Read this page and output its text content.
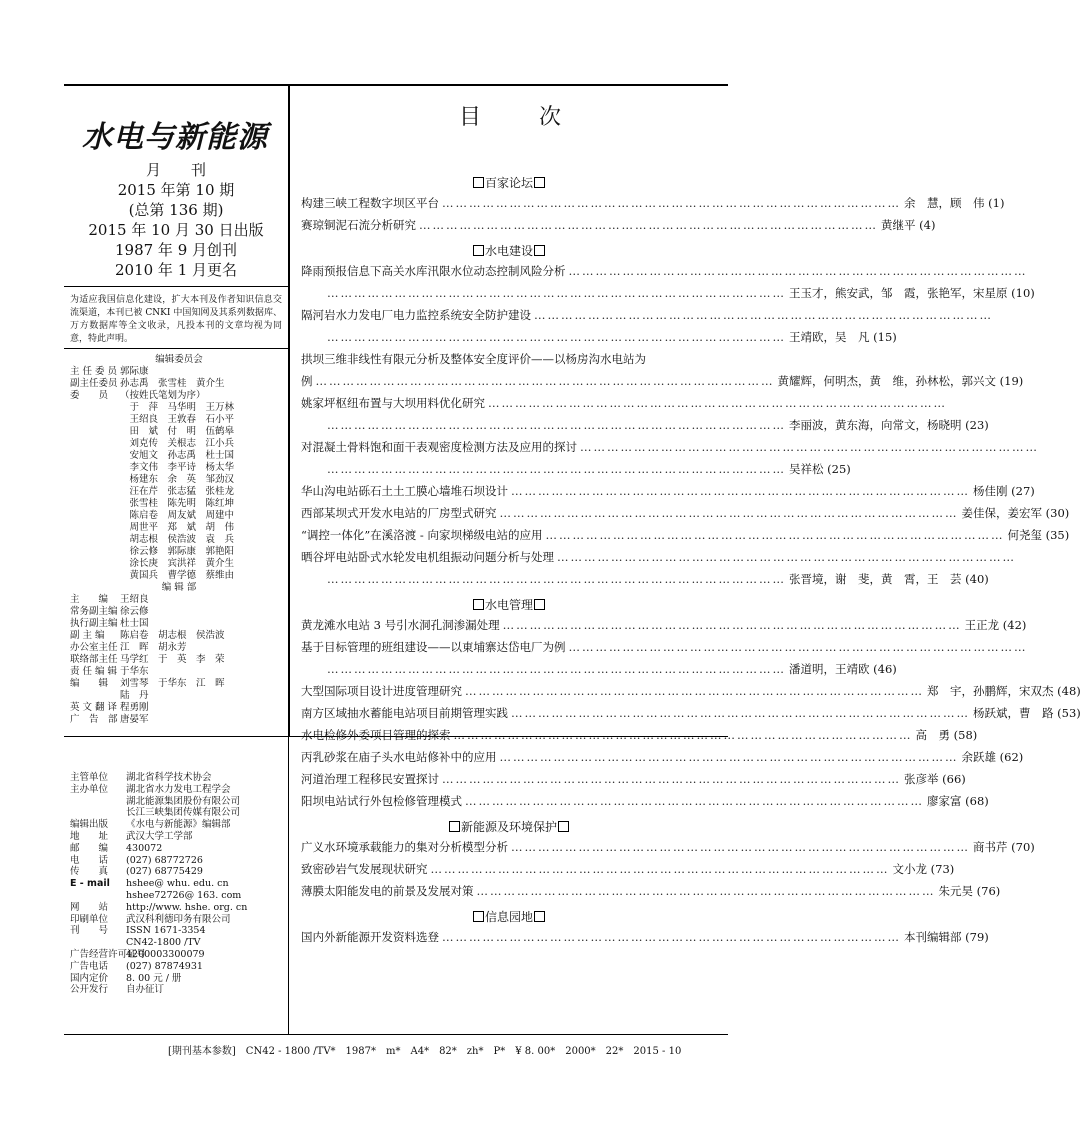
水电与新能源
月　　刊
2015 年第 10 期
(总第 136 期)
2015 年 10 月 30 日出版
1987 年 9 月创刊
2010 年 1 月更名
为适应我国信息化建设，扩大本刊及作者知识信息交流渠道，本刊已被 CNKI 中国知网及其系列数据库、万方数据库等全文收录，凡投本刊的文章均视为同意，特此声明。
编辑委员会
主 任 委 员 郭际康
副主任委员 孙志禹　张雪桂　黄介生
委　　员	（按姓氏笔划为序）
　于　萍　马华明　王万林
　王绍良　王敦春　石小平
　田　斌　付　明　伍鹤皋
　刘克传　关根志　江小兵
　安旭文　孙志禹　杜士国
　李文伟　李平诗　杨太华
　杨建东　余　英　邹劲汉
　汪在芹　张志猛　张桂龙
　张雪桂　陈先明　陈红坤
　陈启卷　周友斌　周建中
　周世平　郑　斌　胡　伟
　胡志根　侯浩波　袁　兵
　徐云修　郭际康　郭艳阳
　涂长庚　宾洪祥　黄介生
　黄国兵　曹学德　蔡维由
编 辑 部
主　　编	王绍良
常务副主编 徐云修
执行副主编 杜士国
副 主 编	陈启卷　胡志根　侯浩波
办公室主任 江　晖　胡永芳
联络部主任 马学红　于　英　李　荣
责 任 编 辑 于华东
编　　辑	刘雪琴　于华东　江　晖
陆　丹
英 文 翻 译 程勇刚
广　告　部 唐晏军
主管单位	湖北省科学技术协会
主办单位	湖北省水力发电工程学会
湖北能源集团股份有限公司
长江三峡集团传媒有限公司
编辑出版	《水电与新能源》编辑部
地　　址	武汉大学工学部
邮　　编	430072
电　　话	(027) 68772726
传　　真	(027) 68775429
E - mail	hshee@ whu. edu. cn
hshee72726@ 163. com
网　　站	http://www. hshe. org. cn
印刷单位	武汉科利德印务有限公司
刊　　号	ISSN 1671-3354
CN42-1800 /TV
广告经营许可证号
4200003300079
广告电话	(027) 87874931
国内定价	8. 00 元 / 册
公开发行	自办征订
目次
百家论坛
构建三峡工程数字坝区平台 ………………………………………………………………………………………… 余　慧，顾　伟 (1)
赛琼铜泥石流分析研究 ………………………………………………………………………………………… 黄继平 (4)
水电建设
降雨预报信息下高关水库汛限水位动态控制风险分析 …………………………………………………………………………………………
………………………………………………………………………………………… 王玉才，熊安武，邹　霞，张艳军，宋星原 (10)
隔河岩水力发电厂电力监控系统安全防护建设 …………………………………………………………………………………………
………………………………………………………………………………………… 王靖欧，吴　凡 (15)
拱坝三维非线性有限元分析及整体安全度评价——以杨房沟水电站为
例 ………………………………………………………………………………………… 黄耀辉，何明杰，黄　维，孙林松，郭兴文 (19)
姚家坪枢纽布置与大坝用料优化研究 …………………………………………………………………………………………
………………………………………………………………………………………… 李丽波，黄东海，向常文，杨晓明 (23)
对混凝土骨料饱和面干表观密度检测方法及应用的探讨 …………………………………………………………………………………………
………………………………………………………………………………………… 吴祥松 (25)
华山沟电站砾石土土工膜心墙堆石坝设计 ………………………………………………………………………………………… 杨佳刚 (27)
西部某坝式开发水电站的厂房型式研究 ………………………………………………………………………………………… 姜佳保，姜宏军 (30)
“调控一体化”在溪洛渡 - 向家坝梯级电站的应用 ………………………………………………………………………………………… 何尧玺 (35)
晒谷坪电站卧式水轮发电机组振动问题分析与处理 …………………………………………………………………………………………
………………………………………………………………………………………… 张晋境，谢　斐，黄　霄，王　芸 (40)
水电管理
黄龙滩水电站 3 号引水洞孔洞渗漏处理 ………………………………………………………………………………………… 王正龙 (42)
基于目标管理的班组建设——以東埔寨达岱电厂为例 …………………………………………………………………………………………
………………………………………………………………………………………… 潘道明，王靖欧 (46)
大型国际项目设计进度管理研究 ………………………………………………………………………………………… 郑　宇，孙鹏辉，宋双杰 (48)
南方区域抽水蓄能电站项目前期管理实践 ………………………………………………………………………………………… 杨跃斌，曹　路 (53)
水电检修外委项目管理的探索 ………………………………………………………………………………………… 高　勇 (58)
丙乳砂浆在庙子头水电站修补中的应用 ………………………………………………………………………………………… 余跃雄 (62)
河道治理工程移民安置探讨 ………………………………………………………………………………………… 张彦举 (66)
阳坝电站试行外包检修管理模式 ………………………………………………………………………………………… 廖家富 (68)
新能源及环境保护
广义水环境承载能力的集对分析模型分析 ………………………………………………………………………………………… 商书芹 (70)
致密砂岩气发展现状研究 ………………………………………………………………………………………… 文小龙 (73)
薄膜太阳能发电的前景及发展对策 ………………………………………………………………………………………… 朱元昊 (76)
信息园地
国内外新能源开发资料选登 ………………………………………………………………………………………… 本刊编辑部 (79)
[期刊基本参数]　CN42 - 1800 /TV*　1987*　m*　A4*　82*　zh*　P*　¥ 8. 00*　2000*　22*　2015 - 10
